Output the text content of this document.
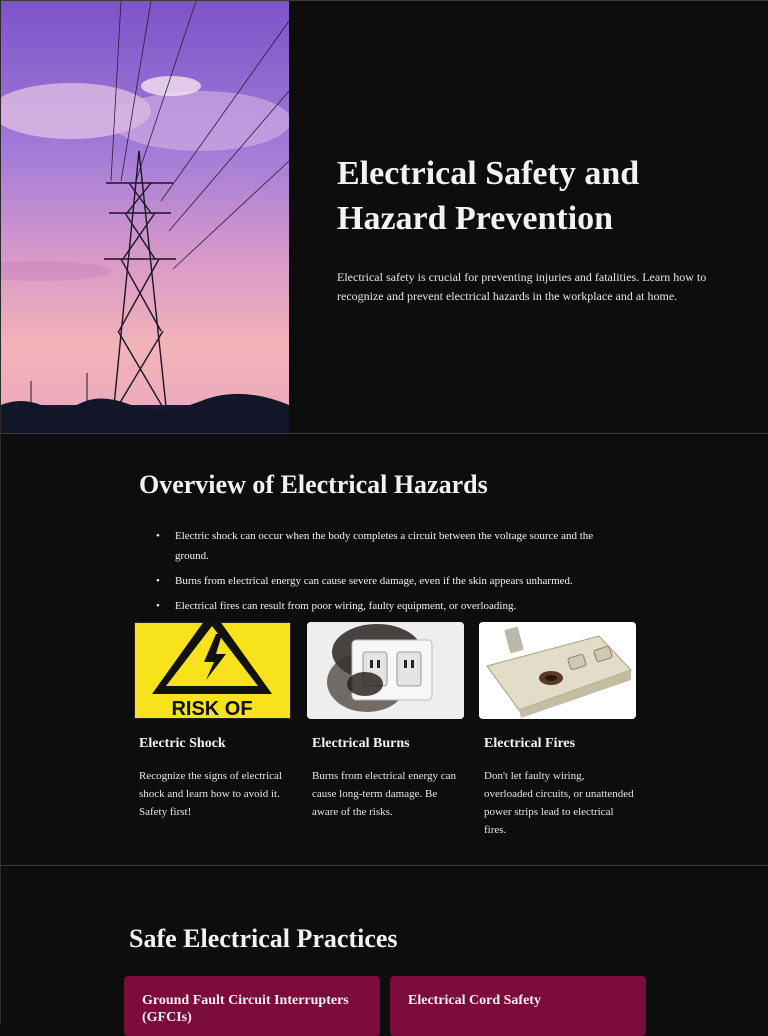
Electrical Safety and Hazard Prevention

Electrical safety is crucial for preventing injuries and fatalities. Learn how to recognize and prevent electrical hazards in the workplace and at home.

Overview of Electrical Hazards
• Electric shock can occur when the body completes a circuit between the voltage source and the ground.
• Burns from electrical energy can cause severe damage, even if the skin appears unharmed.
• Electrical fires can result from poor wiring, faulty equipment, or overloading.
RISK OF
Electric Shock

Recognize the signs of electrical shock and learn how to avoid it. Safety first!

Electrical Burns

Burns from electrical energy can cause long-term damage. Be aware of the risks.

Electrical Fires

Don't let faulty wiring, overloaded circuits, or unattended power strips lead to electrical fires.

Safe Electrical Practices
Ground Fault Circuit Interrupters (GFCIs)
Electrical Cord Safety
